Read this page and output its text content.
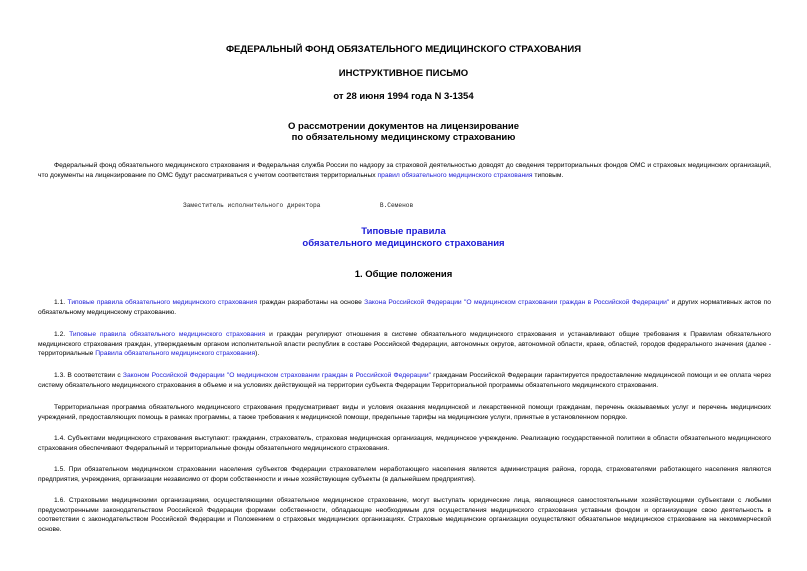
ФЕДЕРАЛЬНЫЙ ФОНД ОБЯЗАТЕЛЬНОГО МЕДИЦИНСКОГО СТРАХОВАНИЯ
ИНСТРУКТИВНОЕ ПИСЬМО
от 28 июня 1994 года N 3-1354
О рассмотрении документов на лицензирование
по обязательному медицинскому страхованию
Федеральный фонд обязательного медицинского страхования и Федеральная служба России по надзору за страховой деятельностью доводят до сведения территориальных фондов ОМС и страховых медицинских организаций, что документы на лицензирование по ОМС будут рассматриваться с учетом соответствия территориальных правил обязательного медицинского страхования типовым.
Заместитель исполнительного директора	В.Семенов
Типовые правила
обязательного медицинского страхования
1. Общие положения
1.1. Типовые правила обязательного медицинского страхования граждан разработаны на основе Закона Российской Федерации "О медицинском страховании граждан в Российской Федерации" и других нормативных актов по обязательному медицинскому страхованию.
1.2. Типовые правила обязательного медицинского страхования и граждан регулируют отношения в системе обязательного медицинского страхования и устанавливают общие требования к Правилам обязательного медицинского страхования граждан, утверждаемым органом исполнительной власти республик в составе Российской Федерации, автономных округов, автономной области, краев, областей, городов федерального значения (далее - территориальные Правила обязательного медицинского страхования).
1.3. В соответствии с Законом Российской Федерации "О медицинском страховании граждан в Российской Федерации" гражданам Российской Федерации гарантируется предоставление медицинской помощи и ее оплата через систему обязательного медицинского страхования в объеме и на условиях действующей на территории субъекта Федерации Территориальной программы обязательного медицинского страхования.
Территориальная программа обязательного медицинского страхования предусматривает виды и условия оказания медицинской и лекарственной помощи гражданам, перечень оказываемых услуг и перечень медицинских учреждений, предоставляющих помощь в рамках программы, а также требования к медицинской помощи, предельные тарифы на медицинские услуги, принятые в установленном порядке.
1.4. Субъектами медицинского страхования выступают: гражданин, страхователь, страховая медицинская организация, медицинское учреждение. Реализацию государственной политики в области обязательного медицинского страхования обеспечивают Федеральный и территориальные фонды обязательного медицинского страхования.
1.5. При обязательном медицинском страховании населения субъектов Федерации страхователем неработающего населения является администрация района, города, страхователями работающего населения являются предприятия, учреждения, организации независимо от форм собственности и иные хозяйствующие субъекты (в дальнейшем предприятия).
1.6. Страховыми медицинскими организациями, осуществляющими обязательное медицинское страхование, могут выступать юридические лица, являющиеся самостоятельными хозяйствующими субъектами с любыми предусмотренными законодательством Российской Федерации формами собственности, обладающие необходимым для осуществления медицинского страхования уставным фондом и организующие свою деятельность в соответствии с законодательством Российской Федерации и Положением о страховых медицинских организациях. Страховые медицинские организации осуществляют обязательное медицинское страхование на некоммерческой основе.
